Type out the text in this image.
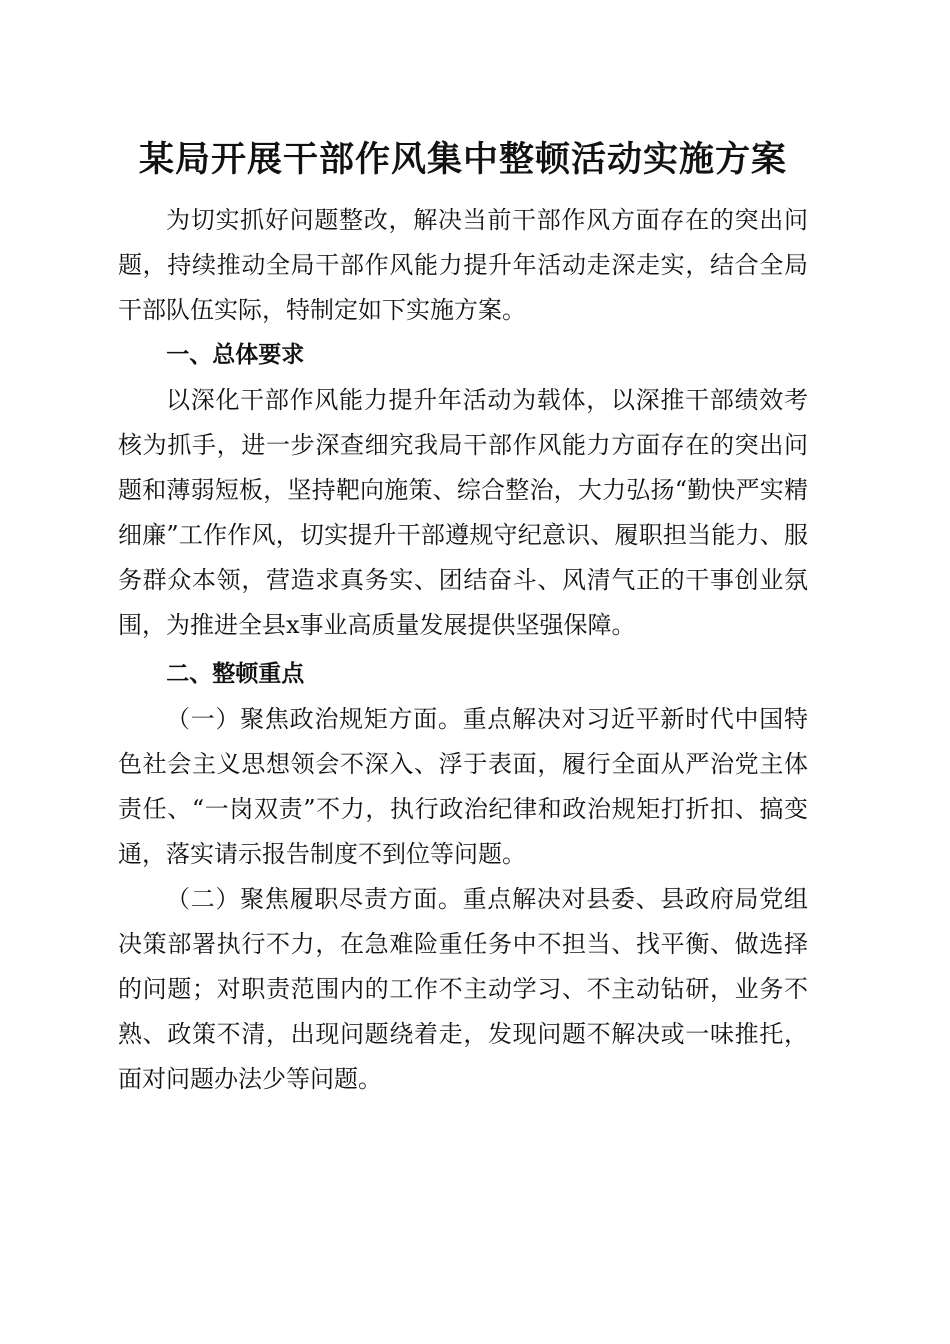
某局开展干部作风集中整顿活动实施方案

为切实抓好问题整改，解决当前干部作风方面存在的突出问题，持续推动全局干部作风能力提升年活动走深走实，结合全局干部队伍实际，特制定如下实施方案。

一、总体要求

以深化干部作风能力提升年活动为载体，以深推干部绩效考核为抓手，进一步深查细究我局干部作风能力方面存在的突出问题和薄弱短板，坚持靶向施策、综合整治，大力弘扬“勤快严实精细廉”工作作风，切实提升干部遵规守纪意识、履职担当能力、服务群众本领，营造求真务实、团结奋斗、风清气正的干事创业氛围，为推进全县x事业高质量发展提供坚强保障。

二、整顿重点

（一）聚焦政治规矩方面。重点解决对习近平新时代中国特色社会主义思想领会不深入、浮于表面，履行全面从严治党主体责任、“一岗双责”不力，执行政治纪律和政治规矩打折扣、搞变通，落实请示报告制度不到位等问题。

（二）聚焦履职尽责方面。重点解决对县委、县政府局党组决策部署执行不力，在急难险重任务中不担当、找平衡、做选择的问题；对职责范围内的工作不主动学习、不主动钻研，业务不熟、政策不清，出现问题绕着走，发现问题不解决或一味推托，面对问题办法少等问题。
